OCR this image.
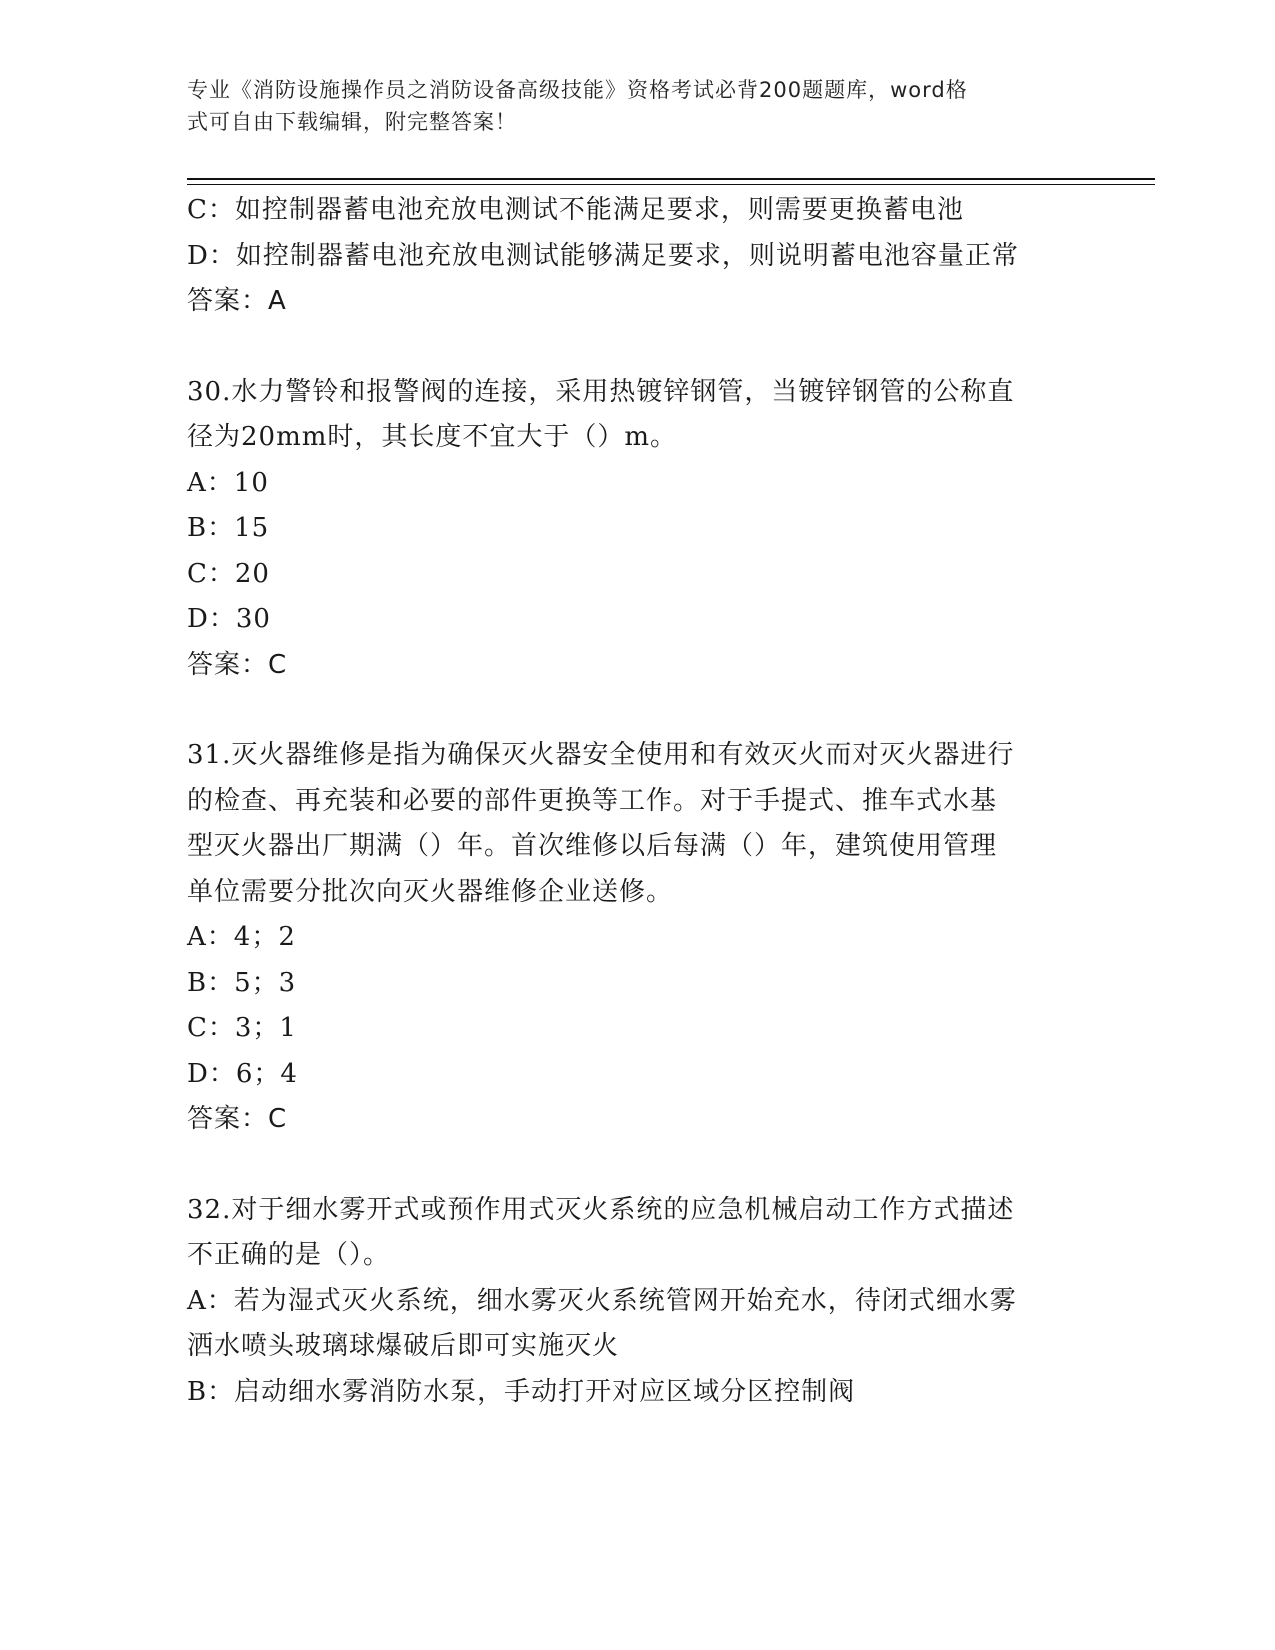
专业《消防设施操作员之消防设备高级技能》资格考试必背200题题库，word格
式可自由下载编辑，附完整答案！

C：如控制器蓄电池充放电测试不能满足要求，则需要更换蓄电池

D：如控制器蓄电池充放电测试能够满足要求，则说明蓄电池容量正常

答案：A

30.水力警铃和报警阀的连接，采用热镀锌钢管，当镀锌钢管的公称直

径为20mm时，其长度不宜大于（）m。

A：10

B：15

C：20

D：30

答案：C

31.灭火器维修是指为确保灭火器安全使用和有效灭火而对灭火器进行

的检查、再充装和必要的部件更换等工作。对于手提式、推车式水基

型灭火器出厂期满（）年。首次维修以后每满（）年，建筑使用管理

单位需要分批次向灭火器维修企业送修。

A：4；2

B：5；3

C：3；1

D：6；4

答案：C

32.对于细水雾开式或预作用式灭火系统的应急机械启动工作方式描述

不正确的是（）。

A：若为湿式灭火系统，细水雾灭火系统管网开始充水，待闭式细水雾

洒水喷头玻璃球爆破后即可实施灭火

B：启动细水雾消防水泵，手动打开对应区域分区控制阀
